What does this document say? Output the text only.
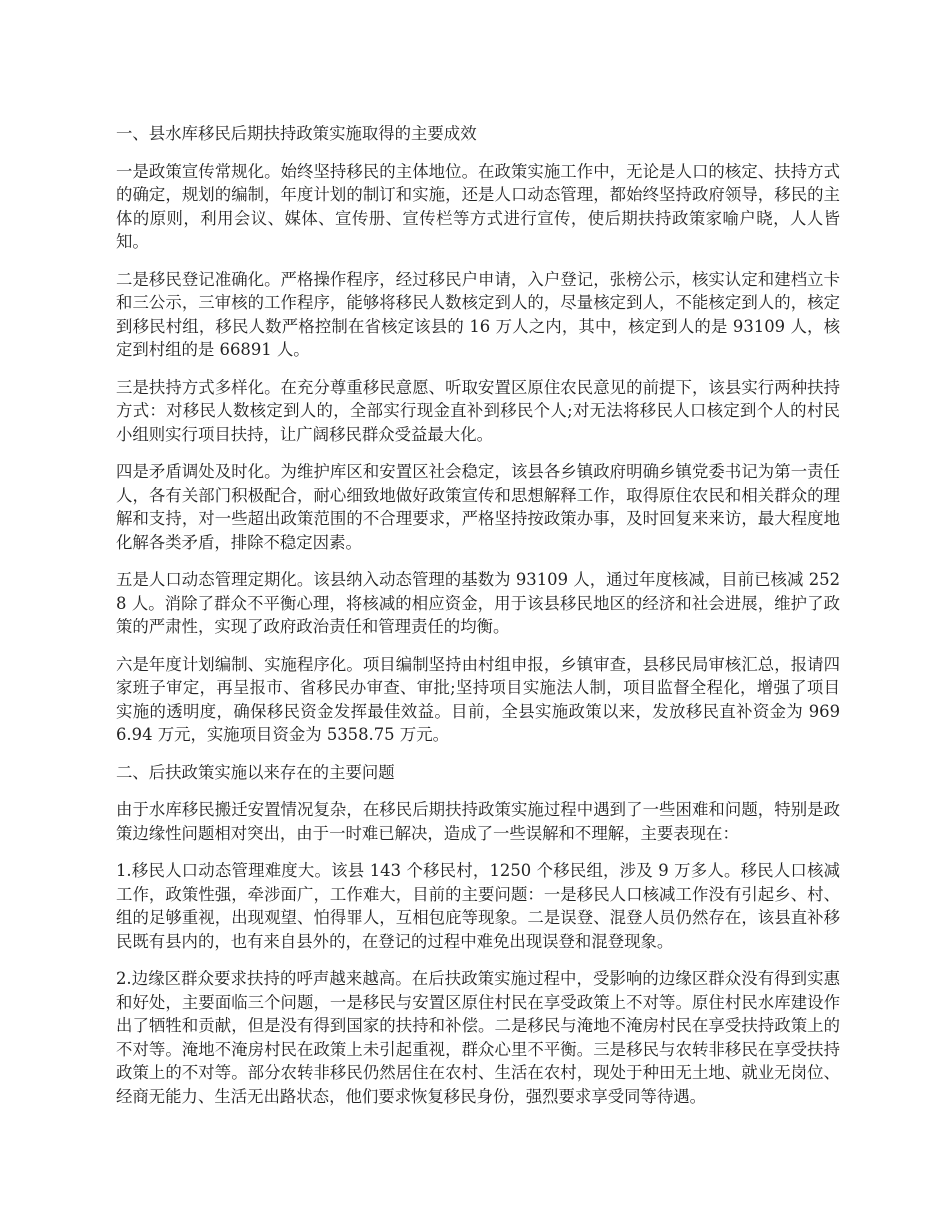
一、县水库移民后期扶持政策实施取得的主要成效

一是政策宣传常规化。始终坚持移民的主体地位。在政策实施工作中，无论是人口的核定、扶持方式的确定，规划的编制，年度计划的制订和实施，还是人口动态管理，都始终坚持政府领导，移民的主体的原则，利用会议、媒体、宣传册、宣传栏等方式进行宣传，使后期扶持政策家喻户晓，人人皆知。

二是移民登记准确化。严格操作程序，经过移民户申请，入户登记，张榜公示，核实认定和建档立卡和三公示，三审核的工作程序，能够将移民人数核定到人的，尽量核定到人，不能核定到人的，核定到移民村组，移民人数严格控制在省核定该县的 16 万人之内，其中，核定到人的是 93109 人，核定到村组的是 66891 人。

三是扶持方式多样化。在充分尊重移民意愿、听取安置区原住农民意见的前提下，该县实行两种扶持方式：对移民人数核定到人的，全部实行现金直补到移民个人;对无法将移民人口核定到个人的村民小组则实行项目扶持，让广阔移民群众受益最大化。

四是矛盾调处及时化。为维护库区和安置区社会稳定，该县各乡镇政府明确乡镇党委书记为第一责任人，各有关部门积极配合，耐心细致地做好政策宣传和思想解释工作，取得原住农民和相关群众的理解和支持，对一些超出政策范围的不合理要求，严格坚持按政策办事，及时回复来来访，最大程度地化解各类矛盾，排除不稳定因素。

五是人口动态管理定期化。该县纳入动态管理的基数为 93109 人，通过年度核减，目前已核减 2528 人。消除了群众不平衡心理，将核减的相应资金，用于该县移民地区的经济和社会进展，维护了政策的严肃性，实现了政府政治责任和管理责任的均衡。

六是年度计划编制、实施程序化。项目编制坚持由村组申报，乡镇审查，县移民局审核汇总，报请四家班子审定，再呈报市、省移民办审查、审批;坚持项目实施法人制，项目监督全程化，增强了项目实施的透明度，确保移民资金发挥最佳效益。目前，全县实施政策以来，发放移民直补资金为 9696.94 万元，实施项目资金为 5358.75 万元。

二、后扶政策实施以来存在的主要问题

由于水库移民搬迁安置情况复杂，在移民后期扶持政策实施过程中遇到了一些困难和问题，特别是政策边缘性问题相对突出，由于一时难已解决，造成了一些误解和不理解，主要表现在：

1.移民人口动态管理难度大。该县 143 个移民村，1250 个移民组，涉及 9 万多人。移民人口核减工作，政策性强，牵涉面广，工作难大，目前的主要问题：一是移民人口核减工作没有引起乡、村、组的足够重视，出现观望、怕得罪人，互相包庇等现象。二是误登、混登人员仍然存在，该县直补移民既有县内的，也有来自县外的，在登记的过程中难免出现误登和混登现象。

2.边缘区群众要求扶持的呼声越来越高。在后扶政策实施过程中，受影响的边缘区群众没有得到实惠和好处，主要面临三个问题，一是移民与安置区原住村民在享受政策上不对等。原住村民水库建设作出了牺牲和贡献，但是没有得到国家的扶持和补偿。二是移民与淹地不淹房村民在享受扶持政策上的不对等。淹地不淹房村民在政策上未引起重视，群众心里不平衡。三是移民与农转非移民在享受扶持政策上的不对等。部分农转非移民仍然居住在农村、生活在农村，现处于种田无土地、就业无岗位、经商无能力、生活无出路状态，他们要求恢复移民身份，强烈要求享受同等待遇。
